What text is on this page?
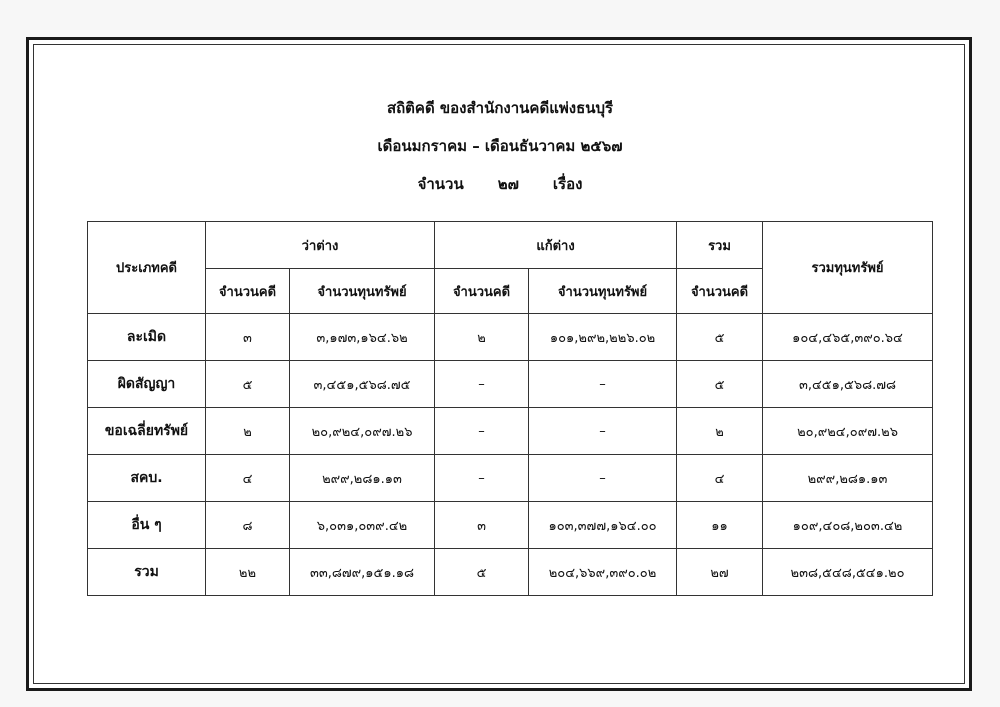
สถิติคดี ของสำนักงานคดีแพ่งธนบุรี
เดือนมกราคม – เดือนธันวาคม ๒๕๖๗
จำนวน ๒๗ เรื่อง
ประเภทคดี	ว่าต่าง		แก้ต่าง		รวม	รวมทุนทรัพย์
	จำนวนคดี	จำนวนทุนทรัพย์	จำนวนคดี	จำนวนทุนทรัพย์	จำนวนคดี	
ละเมิด	๓	๓,๑๗๓,๑๖๔.๖๒	๒	๑๐๑,๒๙๒,๒๒๖.๐๒	๕	๑๐๔,๔๖๕,๓๙๐.๖๔
ผิดสัญญา	๕	๓,๔๕๑,๕๖๘.๗๕	–	–	๕	๓,๔๕๑,๕๖๘.๗๘
ขอเฉลี่ยทรัพย์	๒	๒๐,๙๒๔,๐๙๗.๒๖	–	–	๒	๒๐,๙๒๔,๐๙๗.๒๖
สคบ.	๔	๒๙๙,๒๘๑.๑๓	–	–	๔	๒๙๙,๒๘๑.๑๓
อื่น ๆ	๘	๖,๐๓๑,๐๓๙.๔๒	๓	๑๐๓,๓๗๗,๑๖๔.๐๐	๑๑	๑๐๙,๔๐๘,๒๐๓.๔๒
รวม	๒๒	๓๓,๘๗๙,๑๕๑.๑๘	๕	๒๐๔,๖๖๙,๓๙๐.๐๒	๒๗	๒๓๘,๕๔๘,๕๔๑.๒๐
